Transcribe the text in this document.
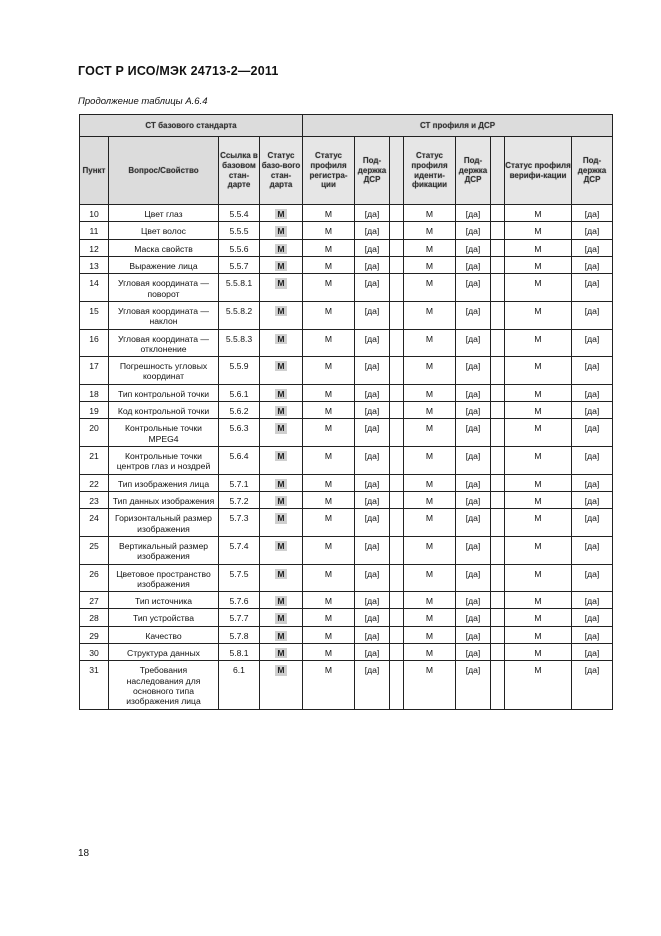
ГОСТ Р ИСО/МЭК 24713-2—2011
Продолжение таблицы А.6.4
СТ базового стандарта				СТ профиля и ДСР							
Пункт	Вопрос/Свойство	Ссылка в базовом стан-дарте	Статус базо-вого стан-дарта	Статус профиля регистра-ции	Под-держка ДСР		Статус профиля иденти-фикации	Под-держка ДСР		Статус профиля верифи-кации	Под-держка ДСР
10	Цвет глаз	5.5.4	М	М	[да]		М	[да]		М	[да]
11	Цвет волос	5.5.5	М	М	[да]		М	[да]		М	[да]
12	Маска свойств	5.5.6	М	М	[да]		М	[да]		М	[да]
13	Выражение лица	5.5.7	М	М	[да]		М	[да]		М	[да]
14	Угловая координата — поворот	5.5.8.1	М	М	[да]		М	[да]		М	[да]
15	Угловая координата — наклон	5.5.8.2	М	М	[да]		М	[да]		М	[да]
16	Угловая координата — отклонение	5.5.8.3	М	М	[да]		М	[да]		М	[да]
17	Погрешность угловых координат	5.5.9	М	М	[да]		М	[да]		М	[да]
18	Тип контрольной точки	5.6.1	М	М	[да]		М	[да]		М	[да]
19	Код контрольной точки	5.6.2	М	М	[да]		М	[да]		М	[да]
20	Контрольные точки MPEG4	5.6.3	М	М	[да]		М	[да]		М	[да]
21	Контрольные точки центров глаз и ноздрей	5.6.4	М	М	[да]		М	[да]		М	[да]
22	Тип изображения лица	5.7.1	М	М	[да]		М	[да]		М	[да]
23	Тип данных изображения	5.7.2	М	М	[да]		М	[да]		М	[да]
24	Горизонтальный размер изображения	5.7.3	М	М	[да]		М	[да]		М	[да]
25	Вертикальный размер изображения	5.7.4	М	М	[да]		М	[да]		М	[да]
26	Цветовое пространство изображения	5.7.5	М	М	[да]		М	[да]		М	[да]
27	Тип источника	5.7.6	М	М	[да]		М	[да]		М	[да]
28	Тип устройства	5.7.7	М	М	[да]		М	[да]		М	[да]
29	Качество	5.7.8	М	М	[да]		М	[да]		М	[да]
30	Структура данных	5.8.1	М	М	[да]		М	[да]		М	[да]
31	Требования наследования для основного типа изображения лица	6.1	М	М	[да]		М	[да]		М	[да]
18
